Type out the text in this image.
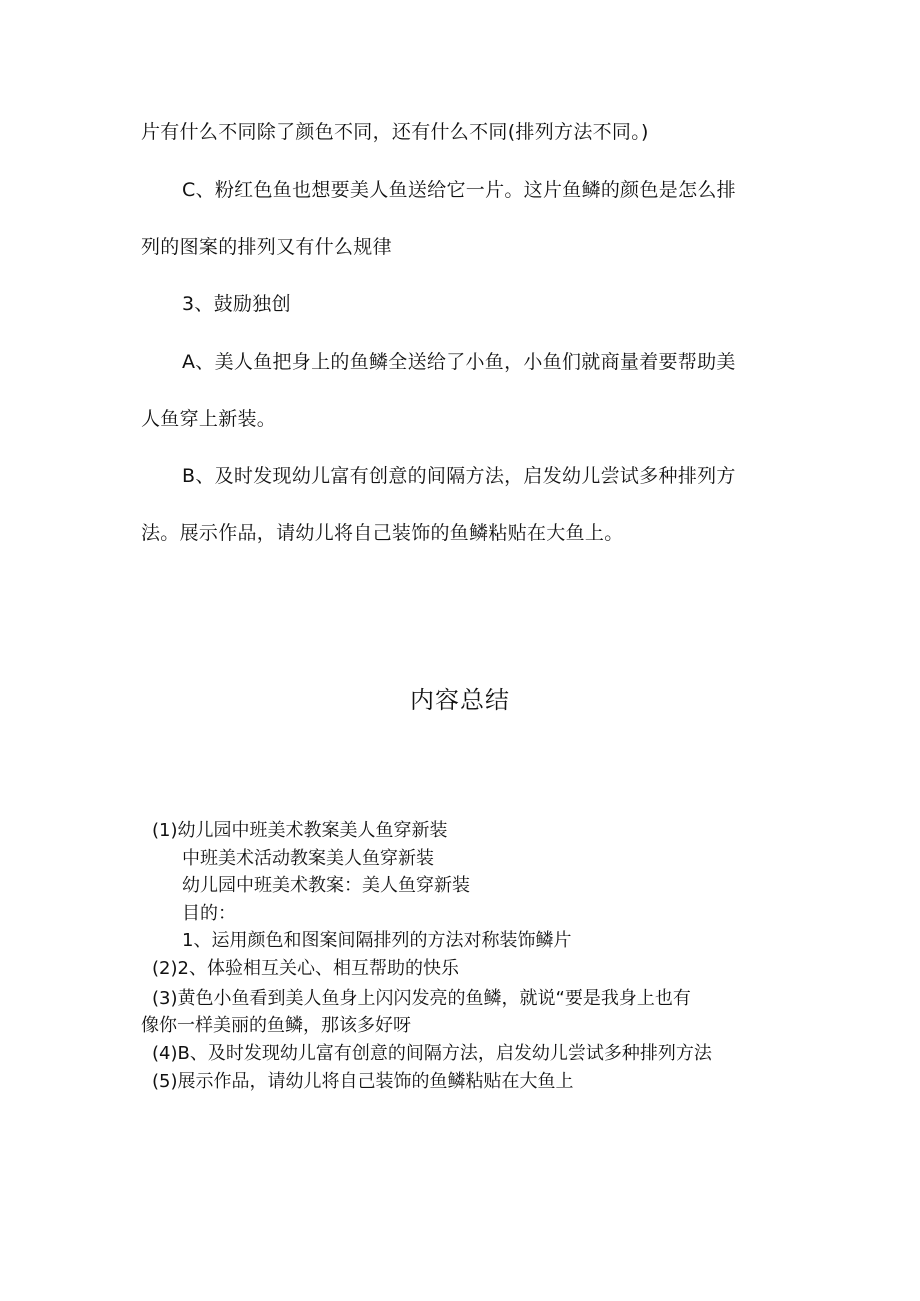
片有什么不同除了颜色不同，还有什么不同(排列方法不同。)
C、粉红色鱼也想要美人鱼送给它一片。这片鱼鳞的颜色是怎么排
列的图案的排列又有什么规律
3、鼓励独创
A、美人鱼把身上的鱼鳞全送给了小鱼，小鱼们就商量着要帮助美
人鱼穿上新装。
B、及时发现幼儿富有创意的间隔方法，启发幼儿尝试多种排列方
法。展示作品，请幼儿将自己装饰的鱼鳞粘贴在大鱼上。
内容总结
(1)幼儿园中班美术教案美人鱼穿新装
中班美术活动教案美人鱼穿新装
幼儿园中班美术教案：美人鱼穿新装
目的：
1、运用颜色和图案间隔排列的方法对称装饰鳞片
(2)2、体验相互关心、相互帮助的快乐
(3)黄色小鱼看到美人鱼身上闪闪发亮的鱼鳞，就说“要是我身上也有
像你一样美丽的鱼鳞，那该多好呀
(4)B、及时发现幼儿富有创意的间隔方法，启发幼儿尝试多种排列方法
(5)展示作品，请幼儿将自己装饰的鱼鳞粘贴在大鱼上
